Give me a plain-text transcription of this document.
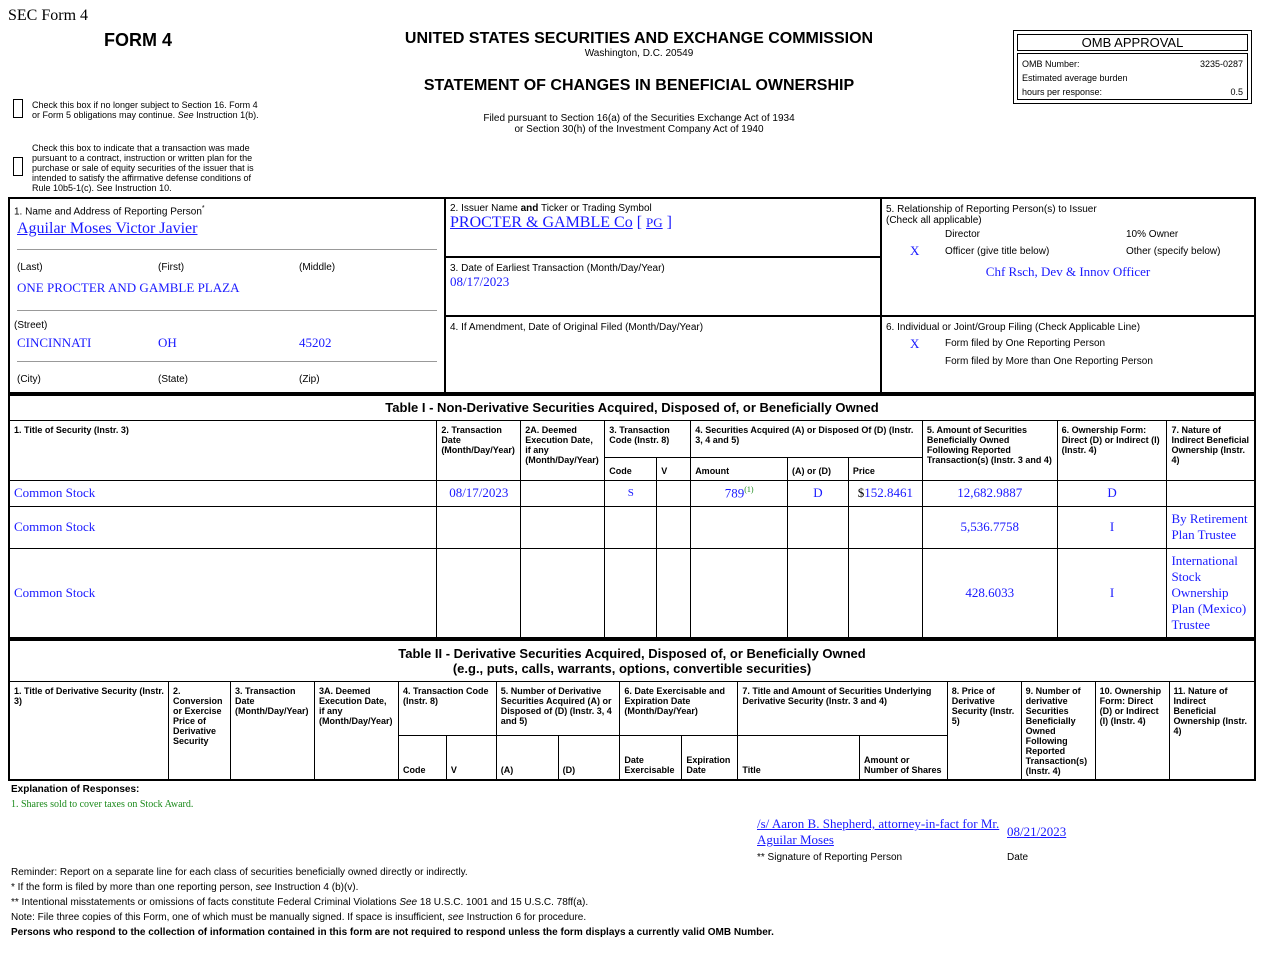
SEC Form 4
FORM 4	UNITED STATES SECURITIES AND EXCHANGE COMMISSION
Washington, D.C. 20549
STATEMENT OF CHANGES IN BENEFICIAL OWNERSHIP
Filed pursuant to Section 16(a) of the Securities Exchange Act of 1934
or Section 30(h) of the Investment Company Act of 1940
Check this box if no longer subject to Section 16. Form 4
or Form 5 obligations may continue. See Instruction 1(b).
Check this box to indicate that a transaction was made
pursuant to a contract, instruction or written plan for the
purchase or sale of equity securities of the issuer that is
intended to satisfy the affirmative defense conditions of
Rule 10b5-1(c). See Instruction 10.
OMB APPROVAL
OMB Number:	3235-0287
Estimated average burden
hours per response:	0.5
1. Name and Address of Reporting Person*
Aguilar Moses Victor Javier
(Last)	(First)	(Middle)
ONE PROCTER AND GAMBLE PLAZA
(Street)
CINCINNATI	OH	45202
(City)	(State)	(Zip)
2. Issuer Name and Ticker or Trading Symbol
PROCTER & GAMBLE Co [ PG ]
3. Date of Earliest Transaction (Month/Day/Year)
08/17/2023
4. If Amendment, Date of Original Filed (Month/Day/Year)
5. Relationship of Reporting Person(s) to Issuer
(Check all applicable)
Director	10% Owner
X	Officer (give title below)	Other (specify below)
Chf Rsch, Dev & Innov Officer
6. Individual or Joint/Group Filing (Check Applicable Line)
X	Form filed by One Reporting Person
Form filed by More than One Reporting Person
Table I - Non-Derivative Securities Acquired, Disposed of, or Beneficially Owned										
1. Title of Security (Instr. 3)	2. Transaction Date (Month/Day/Year)	2A. Deemed Execution Date, if any (Month/Day/Year)	3. Transaction Code (Instr. 8)		4. Securities Acquired (A) or Disposed Of (D) (Instr. 3, 4 and 5)			5. Amount of Securities Beneficially Owned Following Reported Transaction(s) (Instr. 3 and 4)	6. Ownership Form: Direct (D) or Indirect (I) (Instr. 4)	7. Nature of Indirect Beneficial Ownership (Instr. 4)
			Code	V	Amount	(A) or (D)	Price			
Common Stock	08/17/2023		S		789$^{(1)}$	D	$152.8461	12,682.9887	D	
Common Stock								5,536.7758	I	By Retirement Plan Trustee
Common Stock								428.6033	I	International Stock Ownership Plan (Mexico) Trustee
Table II - Derivative Securities Acquired, Disposed of, or Beneficially Owned
(e.g., puts, calls, warrants, options, convertible securities)															

1. Title of Derivative Security (Instr. 3)	2. Conversion or Exercise Price of Derivative Security	3. Transaction Date (Month/Day/Year)	3A. Deemed Execution Date, if any (Month/Day/Year)	4. Transaction Code (Instr. 8)		5. Number of Derivative Securities Acquired (A) or Disposed of (D) (Instr. 3, 4 and 5)		6. Date Exercisable and Expiration Date (Month/Day/Year)		7. Title and Amount of Securities Underlying Derivative Security (Instr. 3 and 4)		8. Price of Derivative Security (Instr. 5)	9. Number of derivative Securities Beneficially Owned Following Reported Transaction(s) (Instr. 4)	10. Ownership Form: Direct (D) or Indirect (I) (Instr. 4)	11. Nature of Indirect Beneficial Ownership (Instr. 4)
				Code	V	(A)	(D)	Date Exercisable	Expiration Date	Title	Amount or Number of Shares				
Explanation of Responses:
1. Shares sold to cover taxes on Stock Award.
/s/ Aaron B. Shepherd, attorney-in-fact for Mr. Aguilar Moses
08/21/2023
** Signature of Reporting Person	Date
Reminder: Report on a separate line for each class of securities beneficially owned directly or indirectly.
* If the form is filed by more than one reporting person, see Instruction 4 (b)(v).
** Intentional misstatements or omissions of facts constitute Federal Criminal Violations See 18 U.S.C. 1001 and 15 U.S.C. 78ff(a).
Note: File three copies of this Form, one of which must be manually signed. If space is insufficient, see Instruction 6 for procedure.
Persons who respond to the collection of information contained in this form are not required to respond unless the form displays a currently valid OMB Number.
